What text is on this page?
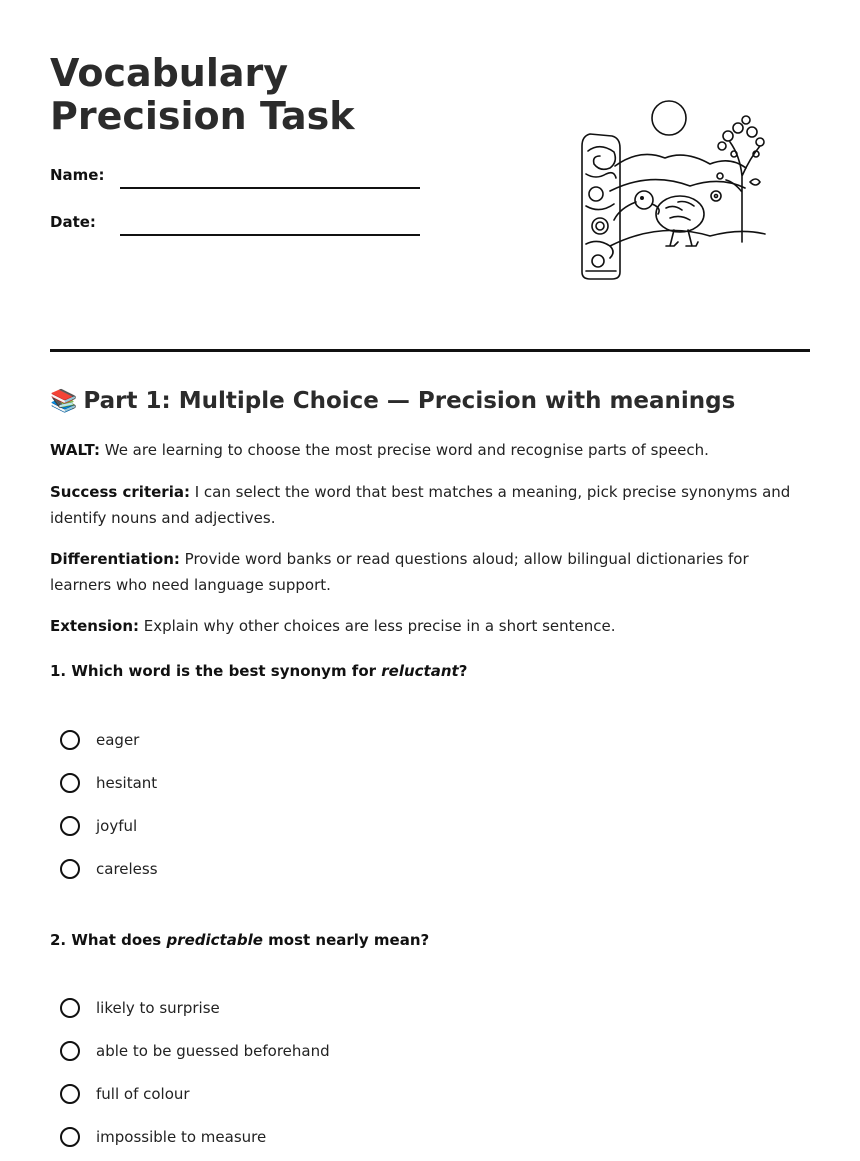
Vocabulary Precision Task
Name:
Date:
📚 Part 1: Multiple Choice — Precision with meanings

WALT: We are learning to choose the most precise word and recognise parts of speech.

Success criteria: I can select the word that best matches a meaning, pick precise synonyms and identify nouns and adjectives.

Differentiation: Provide word banks or read questions aloud; allow bilingual dictionaries for learners who need language support.

Extension: Explain why other choices are less precise in a short sentence.

1. Which word is the best synonym for reluctant?

eager
hesitant
joyful
careless

2. What does predictable most nearly mean?

likely to surprise
able to be guessed beforehand
full of colour
impossible to measure
